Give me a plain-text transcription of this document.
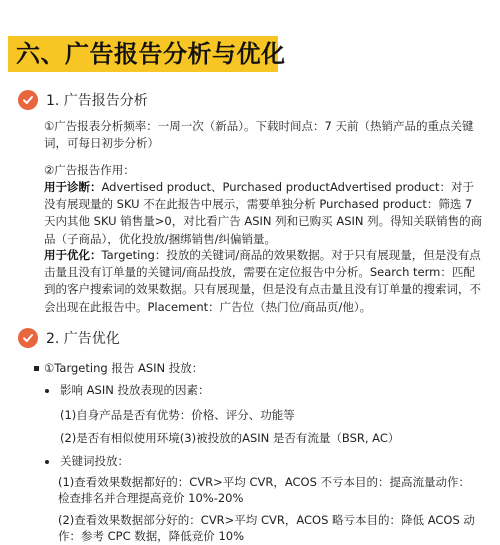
六、广告报告分析与优化
1. 广告报告分析
①广告报表分析频率：一周一次（新品）。下载时间点：7 天前（热销产品的重点关键词，可每日初步分析）
②广告报告作用：
用于诊断：Advertised product、Purchased productAdvertised product：对于没有展现量的 SKU 不在此报告中展示，需要单独分析 Purchased product：筛选 7 天内其他 SKU 销售量>0，对比看广告 ASIN 列和已购买 ASIN 列。得知关联销售的商品（子商品），优化投放/捆绑销售/纠偏销量。
用于优化：Targeting：投放的关键词/商品的效果数据。对于只有展现量，但是没有点击量且没有订单量的关键词/商品投放，需要在定位报告中分析。Search term：匹配到的客户搜索词的效果数据。只有展现量，但是没有点击量且没有订单量的搜索词，不会出现在此报告中。Placement：广告位（热门位/商品页/他）。
2. 广告优化
①Targeting 报告 ASIN 投放：
影响 ASIN 投放表现的因素：
(1)自身产品是否有优势：价格、评分、功能等
(2)是否有相似使用环境(3)被投放的ASIN 是否有流量（BSR, AC）
关键词投放：
(1)查看效果数据都好的：CVR>平均 CVR，ACOS 不亏本目的：提高流量动作：
检查排名并合理提高竞价 10%-20%
(2)查看效果数据部分好的：CVR>平均 CVR，ACOS 略亏本目的：降低 ACOS 动
作：参考 CPC 数据，降低竞价 10%
